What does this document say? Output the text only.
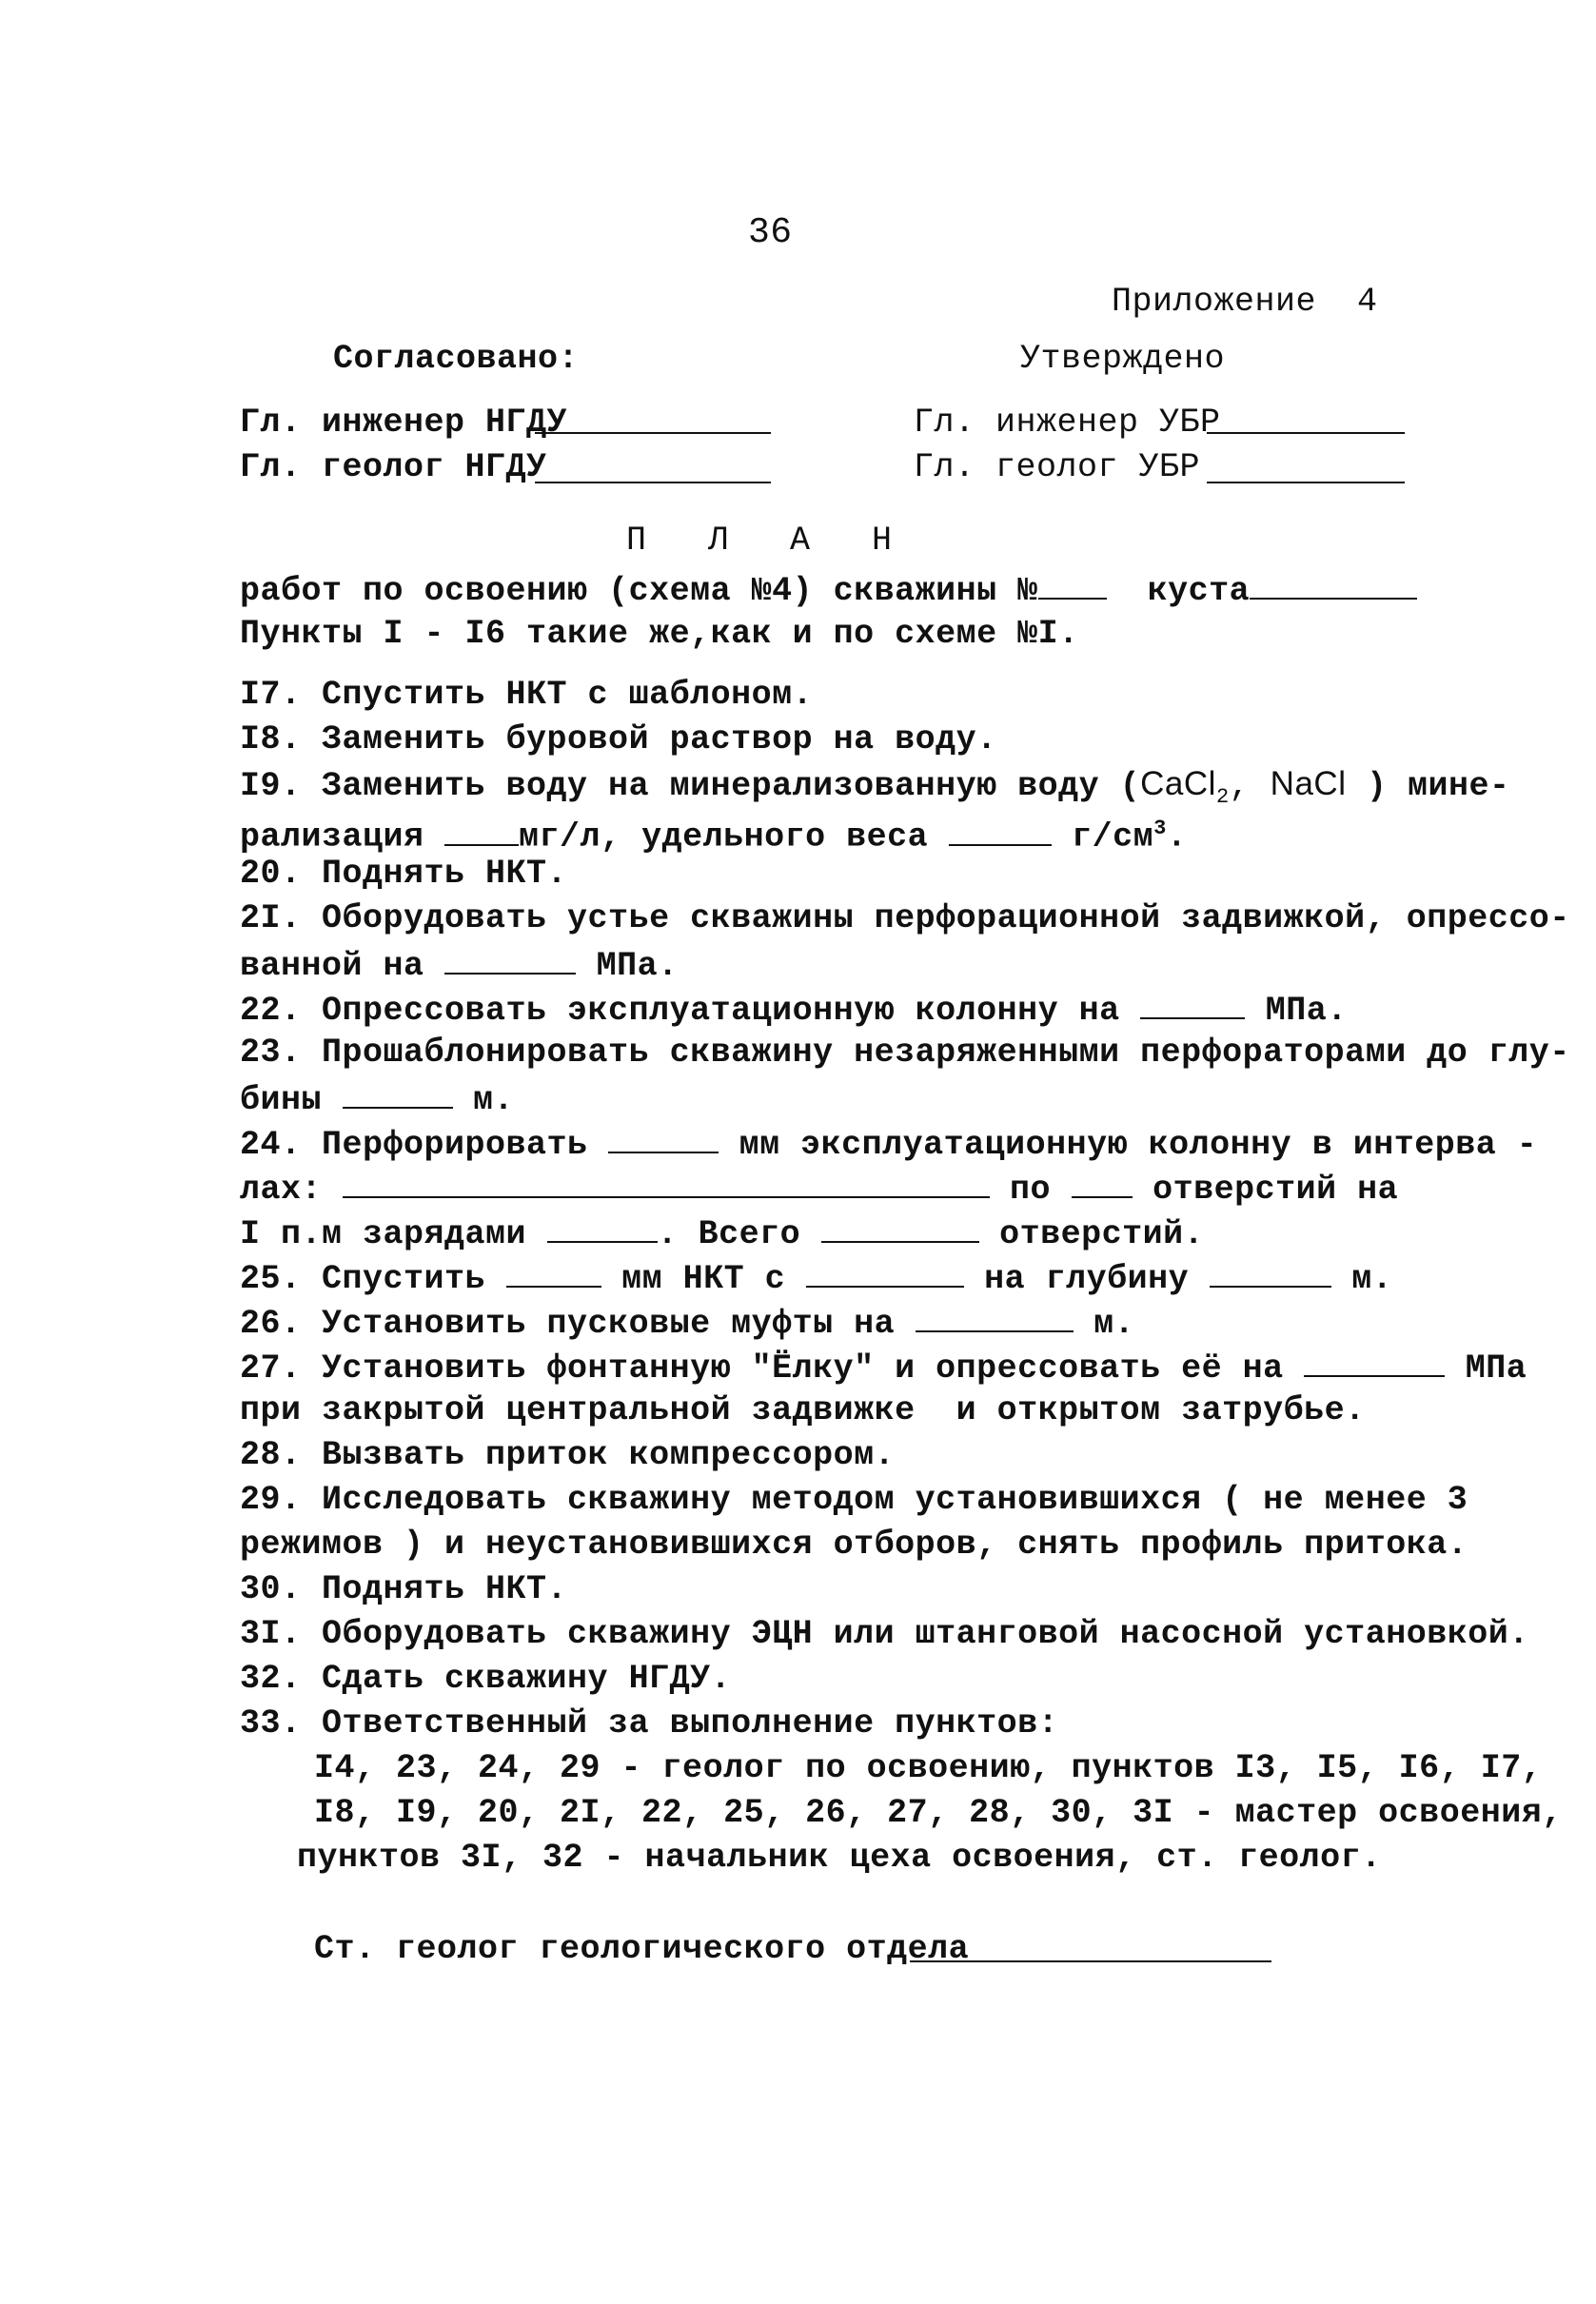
36
Приложение  4
Согласовано:	Утверждено
Гл. инженер НГДУ
Гл. геолог НГДУ
Гл. инженер УБР
Гл. геолог УБР
П Л А Н
работ по освоению (схема №4) скважины №	куста
Пункты I - I6 такие же,как и по схеме №I.
I7. Спустить НКТ с шаблоном.
I8. Заменить буровой раствор на воду.
I9. Заменить воду на минерализованную воду (CaCl$_2$, NaCl ) мине-
рализация	мг/л, удельного веса	$г/см^3$.
20. Поднять НКТ.
2I. Оборудовать устье скважины перфорационной задвижкой, опрессо-
ванной на	МПа.
22. Опрессовать эксплуатационную колонну на	МПа.
23. Прошаблонировать скважину незаряженными перфораторами до глу-
бины	м.
24. Перфорировать	мм эксплуатационную колонну в интерва -
лах:	по	отверстий на
I п.м зарядами	. Всего	отверстий.
25. Спустить	мм НКТ с	на глубину	м.
26. Установить пусковые муфты на	м.
27. Установить фонтанную "Ёлку" и опрессовать её на	МПа
при закрытой центральной задвижке  и открытом затрубье.
28. Вызвать приток компрессором.
29. Исследовать скважину методом установившихся ( не менее 3
режимов ) и неустановившихся отборов, снять профиль притока.
30. Поднять НКТ.
3I. Оборудовать скважину ЭЦН или штанговой насосной установкой.
32. Сдать скважину НГДУ.
33. Ответственный за выполнение пунктов:
I4, 23, 24, 29 - геолог по освоению, пунктов I3, I5, I6, I7,
I8, I9, 20, 2I, 22, 25, 26, 27, 28, 30, 3I - мастер освоения,
пунктов 3I, 32 - начальник цеха освоения, ст. геолог.
Ст. геолог геологического отдела
